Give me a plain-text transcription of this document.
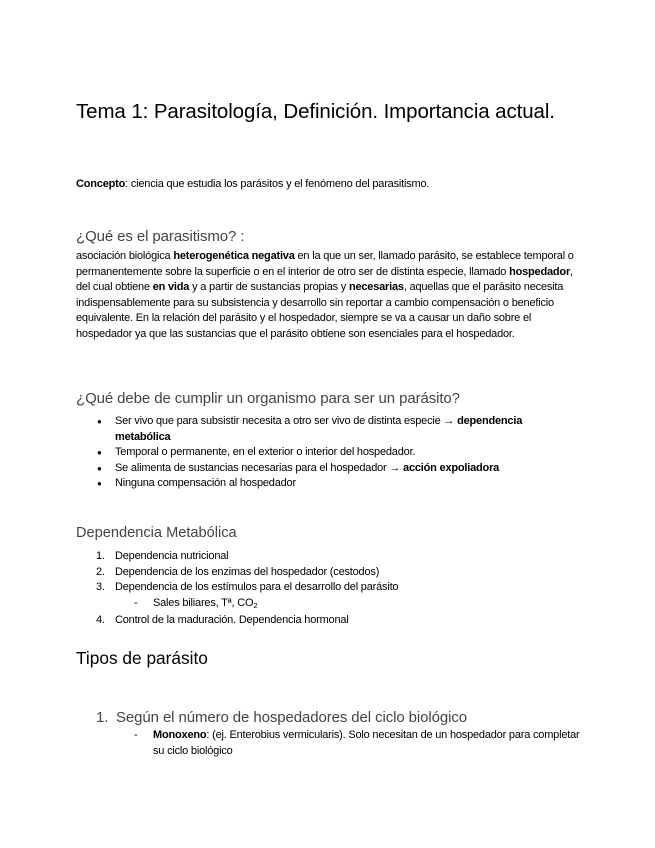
Tema 1: Parasitología, Definición. Importancia actual.
Concepto: ciencia que estudia los parásitos y el fenómeno del parasitismo.
¿Qué es el parasitismo? :
asociación biológica heterogenética negativa en la que un ser, llamado parásito, se establece temporal o permanentemente sobre la superficie o en el interior de otro ser de distinta especie, llamado hospedador, del cual obtiene en vida y a partir de sustancias propias y necesarias, aquellas que el parásito necesita indispensablemente para su subsistencia y desarrollo sin reportar a cambio compensación o beneficio equivalente. En la relación del parásito y el hospedador, siempre se va a causar un daño sobre el hospedador ya que las sustancias que el parásito obtiene son esenciales para el hospedador.
¿Qué debe de cumplir un organismo para ser un parásito?
● Ser vivo que para subsistir necesita a otro ser vivo de distinta especie → dependencia metabólica
● Temporal o permanente, en el exterior o interior del hospedador.
● Se alimenta de sustancias necesarias para el hospedador → acción expoliadora
● Ninguna compensación al hospedador
Dependencia Metabólica
1. Dependencia nutricional
2. Dependencia de los enzimas del hospedador (cestodos)
3. Dependencia de los estímulos para el desarrollo del parásito
- Sales biliares, Tª, $CO_2$
4. Control de la maduración. Dependencia hormonal
Tipos de parásito
1. Según el número de hospedadores del ciclo biológico
- Monoxeno: (ej. Enterobius vermicularis). Solo necesitan de un hospedador para completar su ciclo biológico
